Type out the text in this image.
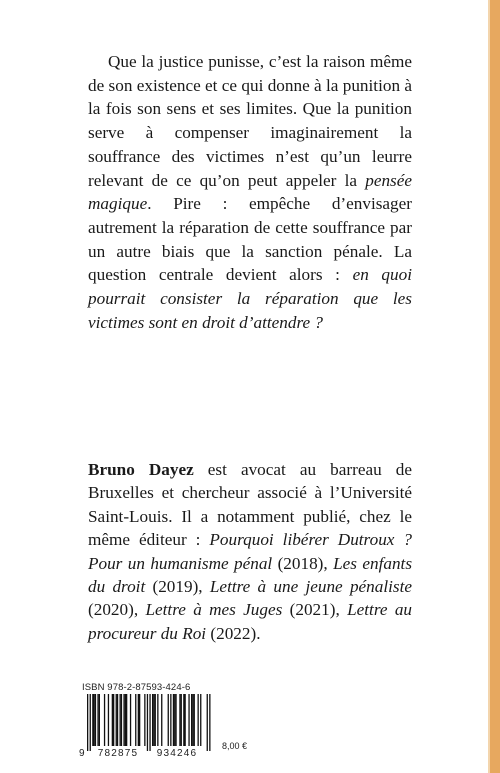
Que la justice punisse, c’est la raison même de son existence et ce qui donne à la punition à la fois son sens et ses limites. Que la punition serve à compenser imaginairement la souffrance des victimes n’est qu’un leurre relevant de ce qu’on peut appeler la pensée magique. Pire : empêche d’envisager autrement la réparation de cette souffrance par un autre biais que la sanction pénale. La question centrale devient alors : en quoi pourrait consister la réparation que les victimes sont en droit d’attendre ?

Bruno Dayez est avocat au barreau de Bruxelles et chercheur associé à l’Université Saint-Louis. Il a notamment publié, chez le même éditeur : Pourquoi libérer Dutroux ? Pour un humanisme pénal (2018), Les enfants du droit (2019), Lettre à une jeune pénaliste (2020), Lettre à mes Juges (2021), Lettre au procureur du Roi (2022).

ISBN 978-2-87593-424-6
9 782875 934246
8,00 €
